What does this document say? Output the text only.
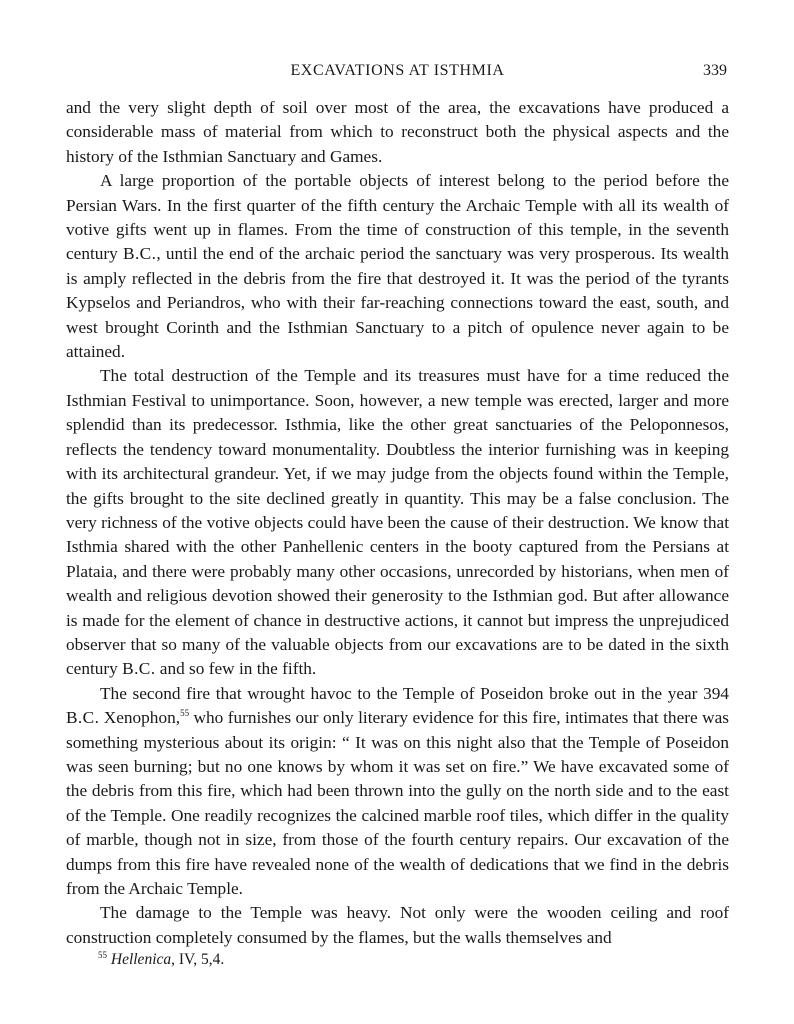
EXCAVATIONS AT ISTHMIA	339

and the very slight depth of soil over most of the area, the excavations have produced a considerable mass of material from which to reconstruct both the physical aspects and the history of the Isthmian Sanctuary and Games.

A large proportion of the portable objects of interest belong to the period before the Persian Wars. In the first quarter of the fifth century the Archaic Temple with all its wealth of votive gifts went up in flames. From the time of construction of this temple, in the seventh century B.C., until the end of the archaic period the sanctuary was very prosperous. Its wealth is amply reflected in the debris from the fire that destroyed it. It was the period of the tyrants Kypselos and Periandros, who with their far-reaching connections toward the east, south, and west brought Corinth and the Isthmian Sanctuary to a pitch of opulence never again to be attained.

The total destruction of the Temple and its treasures must have for a time reduced the Isthmian Festival to unimportance. Soon, however, a new temple was erected, larger and more splendid than its predecessor. Isthmia, like the other great sanctuaries of the Peloponnesos, reflects the tendency toward monumentality. Doubtless the interior furnishing was in keeping with its architectural grandeur. Yet, if we may judge from the objects found within the Temple, the gifts brought to the site declined greatly in quantity. This may be a false conclusion. The very richness of the votive objects could have been the cause of their destruction. We know that Isthmia shared with the other Panhellenic centers in the booty captured from the Persians at Plataia, and there were probably many other occasions, unrecorded by historians, when men of wealth and religious devotion showed their generosity to the Isthmian god. But after allowance is made for the element of chance in destructive actions, it cannot but impress the unprejudiced observer that so many of the valuable objects from our excavations are to be dated in the sixth century B.C. and so few in the fifth.

The second fire that wrought havoc to the Temple of Poseidon broke out in the year 394 B.C. Xenophon,$^{55}$ who furnishes our only literary evidence for this fire, intimates that there was something mysterious about its origin: “ It was on this night also that the Temple of Poseidon was seen burning; but no one knows by whom it was set on fire.” We have excavated some of the debris from this fire, which had been thrown into the gully on the north side and to the east of the Temple. One readily recognizes the calcined marble roof tiles, which differ in the quality of marble, though not in size, from those of the fourth century repairs. Our excavation of the dumps from this fire have revealed none of the wealth of dedications that we find in the debris from the Archaic Temple.

The damage to the Temple was heavy. Not only were the wooden ceiling and roof construction completely consumed by the flames, but the walls themselves and

$^{55}$ Hellenica, IV, 5,4.
